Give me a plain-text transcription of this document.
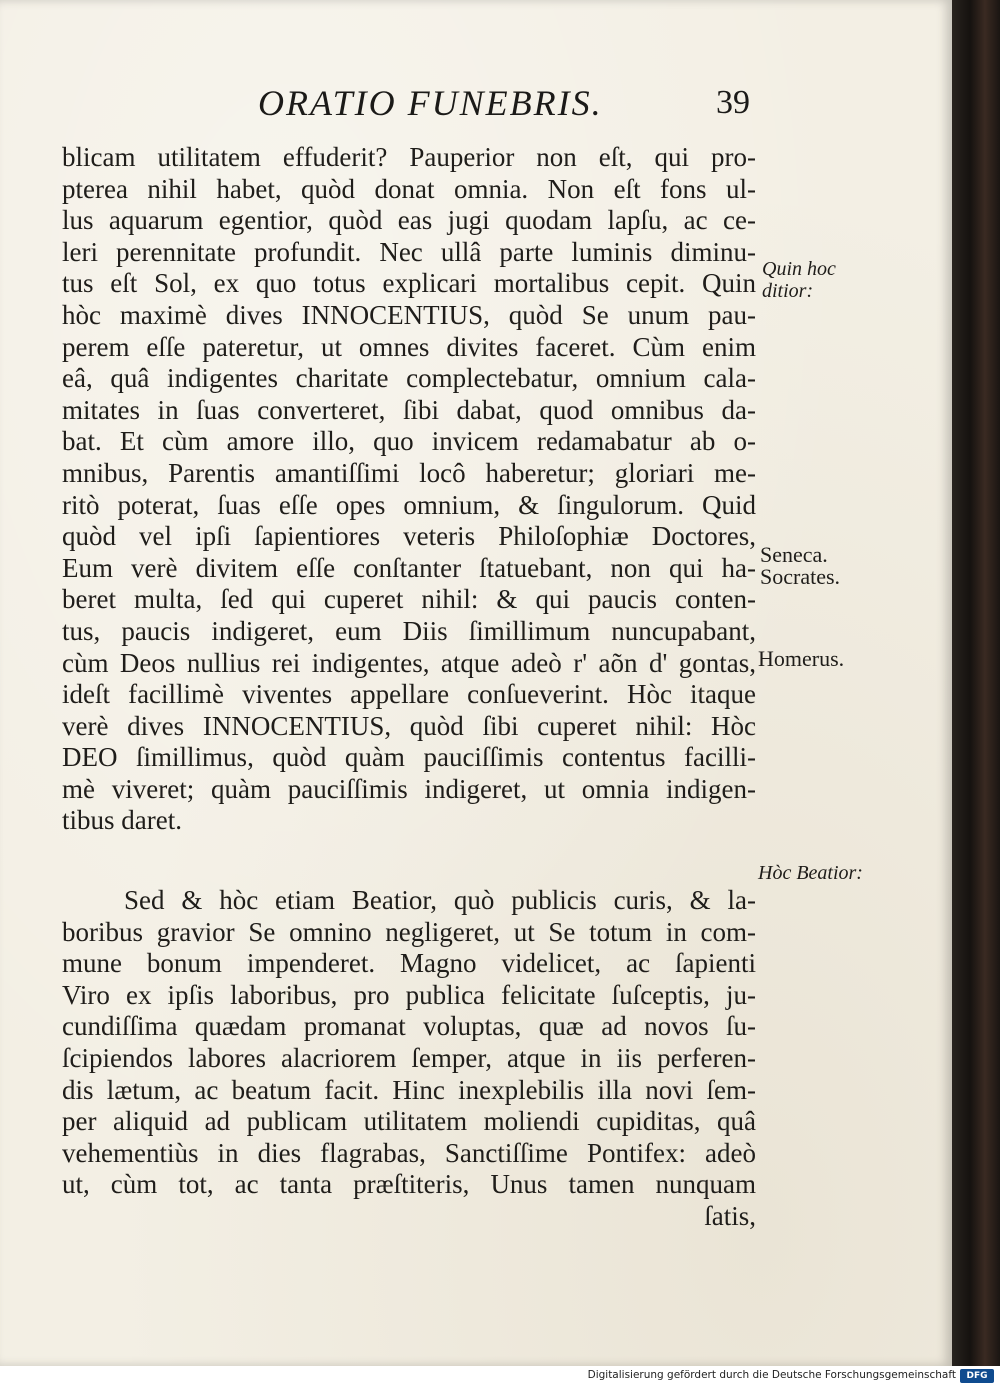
ORATIO FUNEBRIS.	39
blicam utilitatem effuderit? Pauperior non eſt, qui pro-
pterea nihil habet, quòd donat omnia. Non eſt fons ul-
lus aquarum egentior, quòd eas jugi quodam lapſu, ac ce-
leri perennitate profundit. Nec ullâ parte luminis diminu-
tus eſt Sol, ex quo totus explicari mortalibus cepit. Quin
hòc maximè dives INNOCENTIUS, quòd Se unum pau-
perem eſſe pateretur, ut omnes divites faceret. Cùm enim
eâ, quâ indigentes charitate complectebatur, omnium cala-
mitates in ſuas converteret, ſibi dabat, quod omnibus da-
bat. Et cùm amore illo, quo invicem redamabatur ab o-
mnibus, Parentis amantiſſimi locô haberetur; gloriari me-
ritò poterat, ſuas eſſe opes omnium, & ſingulorum. Quid
quòd vel ipſi ſapientiores veteris Philoſophiæ Doctores,
Eum verè divitem eſſe conſtanter ſtatuebant, non qui ha-
beret multa, ſed qui cuperet nihil: & qui paucis conten-
tus, paucis indigeret, eum Diis ſimillimum nuncupabant,
cùm Deos nullius rei indigentes, atque adeò r' aõn d' gontas,
ideſt facillimè viventes appellare conſueverint. Hòc itaque
verè dives INNOCENTIUS, quòd ſibi cuperet nihil: Hòc
DEO ſimillimus, quòd quàm pauciſſimis contentus facilli-
mè viveret; quàm pauciſſimis indigeret, ut omnia indigen-
tibus daret.
Sed & hòc etiam Beatior, quò publicis curis, & la-
boribus gravior Se omnino negligeret, ut Se totum in com-
mune bonum impenderet. Magno videlicet, ac ſapienti
Viro ex ipſis laboribus, pro publica felicitate ſuſceptis, ju-
cundiſſima quædam promanat voluptas, quæ ad novos ſu-
ſcipiendos labores alacriorem ſemper, atque in iis perferen-
dis lætum, ac beatum facit. Hinc inexplebilis illa novi ſem-
per aliquid ad publicam utilitatem moliendi cupiditas, quâ
vehementiùs in dies flagrabas, Sanctiſſime Pontifex: adeò
ut, cùm tot, ac tanta præſtiteris, Unus tamen nunquam
ſatis,
Quin hoc
ditior:
Seneca.
Socrates.
Homerus.
Hòc Beatior:
Digitalisierung gefördert durch die Deutsche Forschungsgemeinschaft	DFG
